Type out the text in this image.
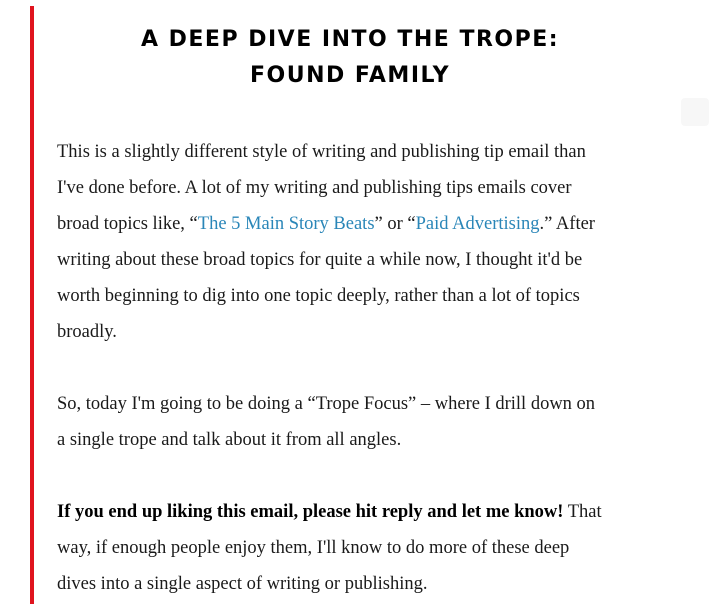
A DEEP DIVE INTO THE TROPE:
FOUND FAMILY

This is a slightly different style of writing and publishing tip email than
I've done before. A lot of my writing and publishing tips emails cover
broad topics like, “The 5 Main Story Beats” or “Paid Advertising.” After
writing about these broad topics for quite a while now, I thought it'd be
worth beginning to dig into one topic deeply, rather than a lot of topics
broadly.

So, today I'm going to be doing a “Trope Focus” – where I drill down on
a single trope and talk about it from all angles.

If you end up liking this email, please hit reply and let me know! That
way, if enough people enjoy them, I'll know to do more of these deep
dives into a single aspect of writing or publishing.
